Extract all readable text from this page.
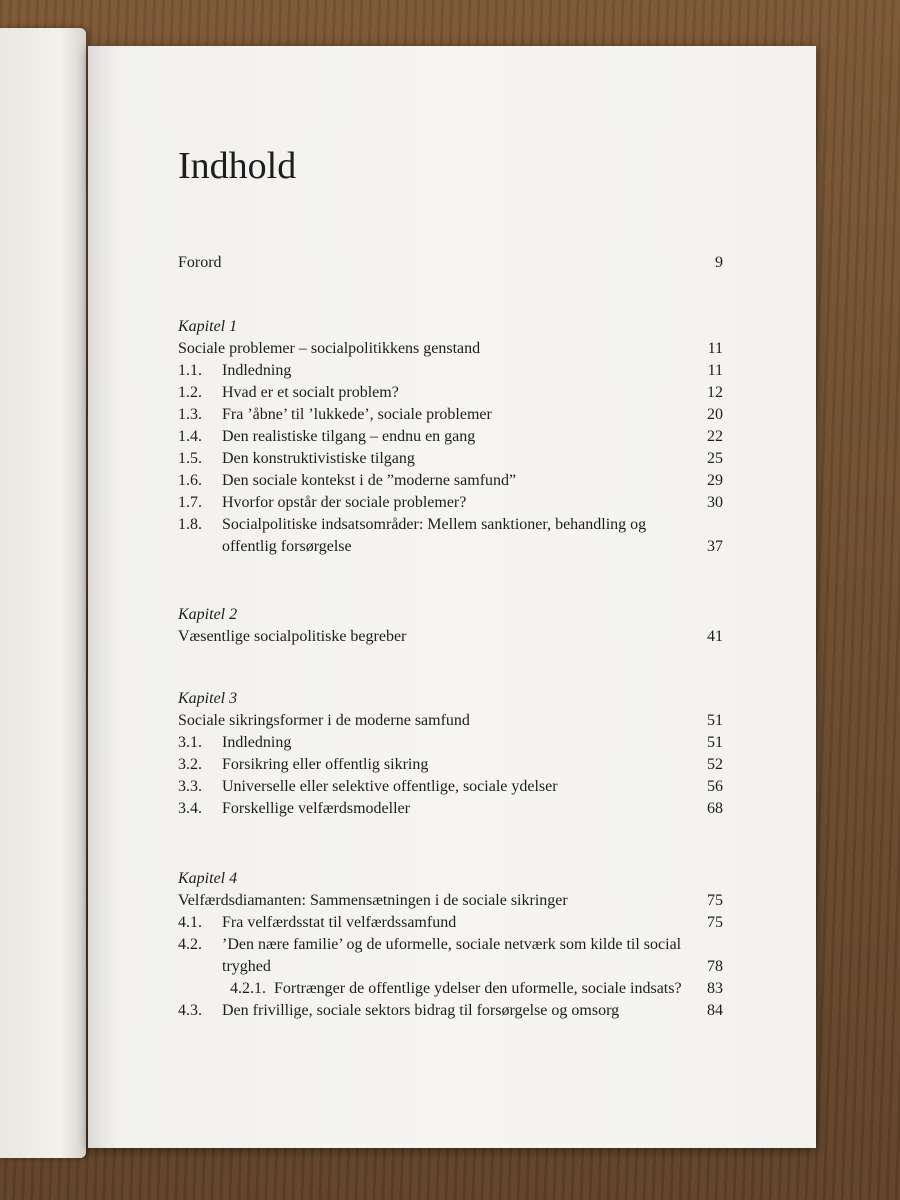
Indhold
Forord	9
Kapitel 1
Sociale problemer – socialpolitikkens genstand	11
1.1.	Indledning	11
1.2.	Hvad er et socialt problem?	12
1.3.	Fra ’åbne’ til ’lukkede’, sociale problemer	20
1.4.	Den realistiske tilgang – endnu en gang	22
1.5.	Den konstruktivistiske tilgang	25
1.6.	Den sociale kontekst i de ”moderne samfund”	29
1.7.	Hvorfor opstår der sociale problemer?	30
1.8.	Socialpolitiske indsatsområder: Mellem sanktioner, behandling og offentlig forsørgelse	37
Kapitel 2
Væsentlige socialpolitiske begreber	41
Kapitel 3
Sociale sikringsformer i de moderne samfund	51
3.1.	Indledning	51
3.2.	Forsikring eller offentlig sikring	52
3.3.	Universelle eller selektive offentlige, sociale ydelser	56
3.4.	Forskellige velfærdsmodeller	68
Kapitel 4
Velfærdsdiamanten: Sammensætningen i de sociale sikringer	75
4.1.	Fra velfærdsstat til velfærdssamfund	75
4.2.	’Den nære familie’ og de uformelle, sociale netværk som kilde til social tryghed	78
4.2.1. Fortrænger de offentlige ydelser den uformelle, sociale indsats?	83
4.3.	Den frivillige, sociale sektors bidrag til forsørgelse og omsorg	84
